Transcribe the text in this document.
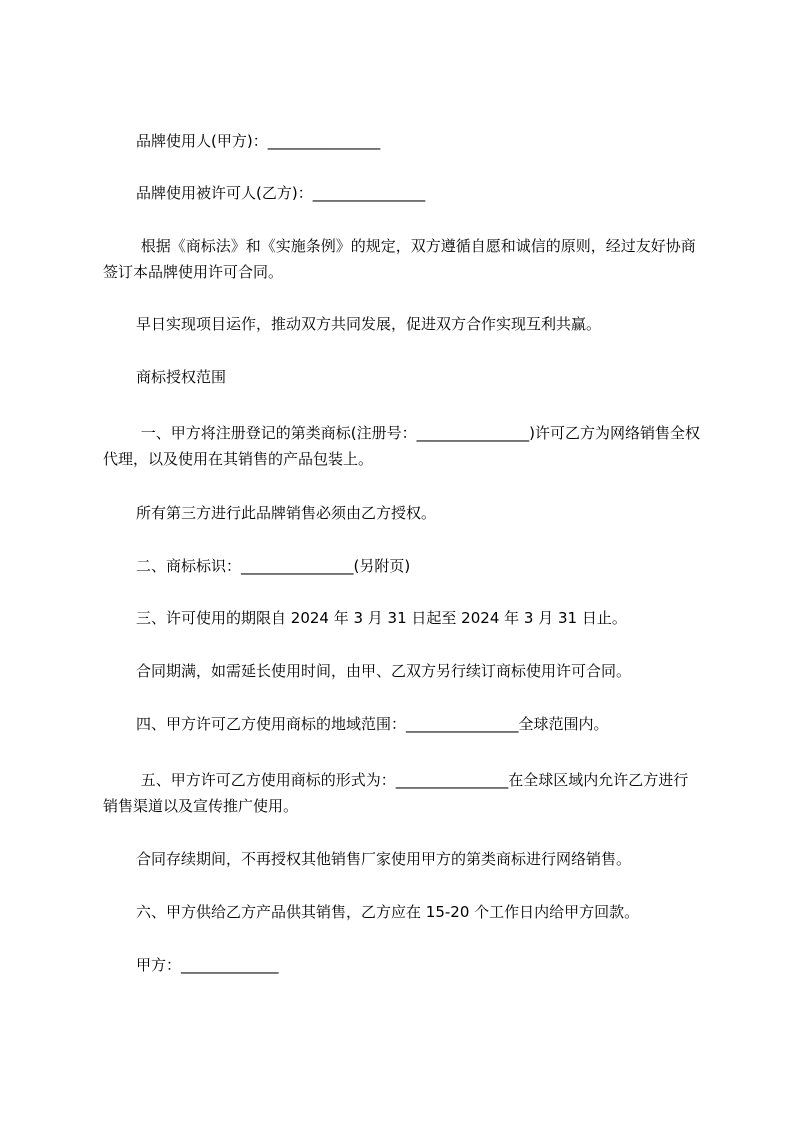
品牌使用人(甲方)：_______________
品牌使用被许可人(乙方)：_______________
根据《商标法》和《实施条例》的规定，双方遵循自愿和诚信的原则，经过友好协商签订本品牌使用许可合同。
早日实现项目运作，推动双方共同发展，促进双方合作实现互利共赢。
商标授权范围
一、甲方将注册登记的第类商标(注册号：_______________)许可乙方为网络销售全权代理，以及使用在其销售的产品包装上。
所有第三方进行此品牌销售必须由乙方授权。
二、商标标识：_______________(另附页)
三、许可使用的期限自 2024 年 3 月 31 日起至 2024 年 3 月 31 日止。
合同期满，如需延长使用时间，由甲、乙双方另行续订商标使用许可合同。
四、甲方许可乙方使用商标的地域范围：_______________全球范围内。
五、甲方许可乙方使用商标的形式为：_______________在全球区域内允许乙方进行销售渠道以及宣传推广使用。
合同存续期间，不再授权其他销售厂家使用甲方的第类商标进行网络销售。
六、甲方供给乙方产品供其销售，乙方应在 15-20 个工作日内给甲方回款。
甲方：_____________
